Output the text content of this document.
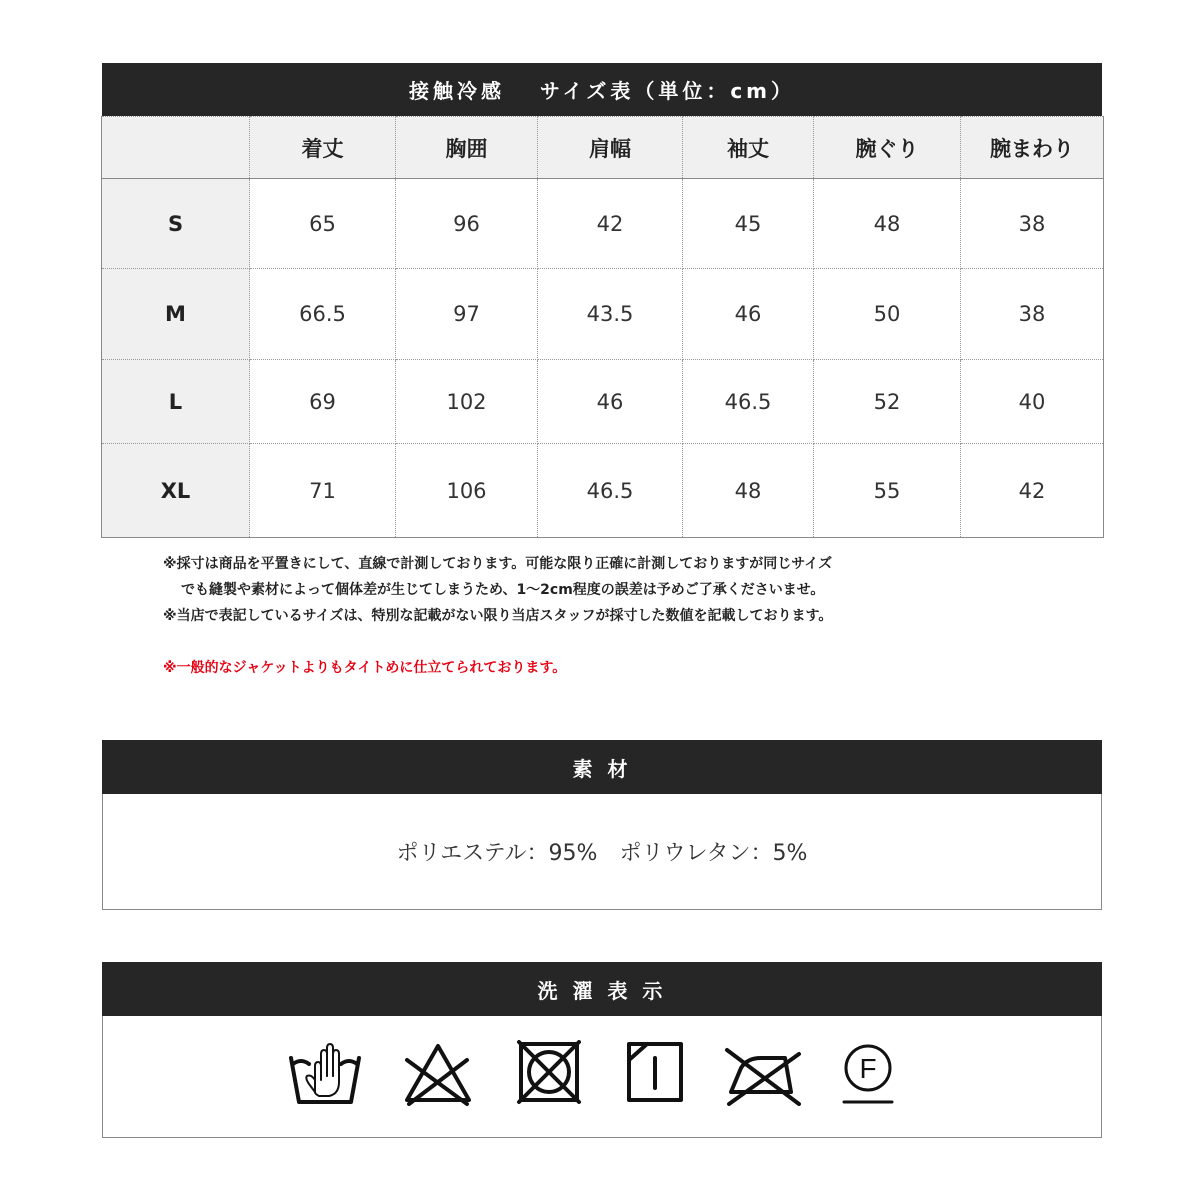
接触冷感　 サイズ表（単位：cm）
	着丈	胸囲	肩幅	袖丈	腕ぐり	腕まわり
S	65	96	42	45	48	38
M	66.5	97	43.5	46	50	38
L	69	102	46	46.5	52	40
XL	71	106	46.5	48	55	42
※採寸は商品を平置きにして、直線で計測しております。可能な限り正確に計測しておりますが同じサイズ
でも縫製や素材によって個体差が生じてしまうため、1～2cm程度の誤差は予めご了承くださいませ。
※当店で表記しているサイズは、特別な記載がない限り当店スタッフが採寸した数値を記載しております。
※一般的なジャケットよりもタイトめに仕立てられております。
素 材
ポリエステル：95% ポリウレタン：5%
洗 濯 表 示
F
